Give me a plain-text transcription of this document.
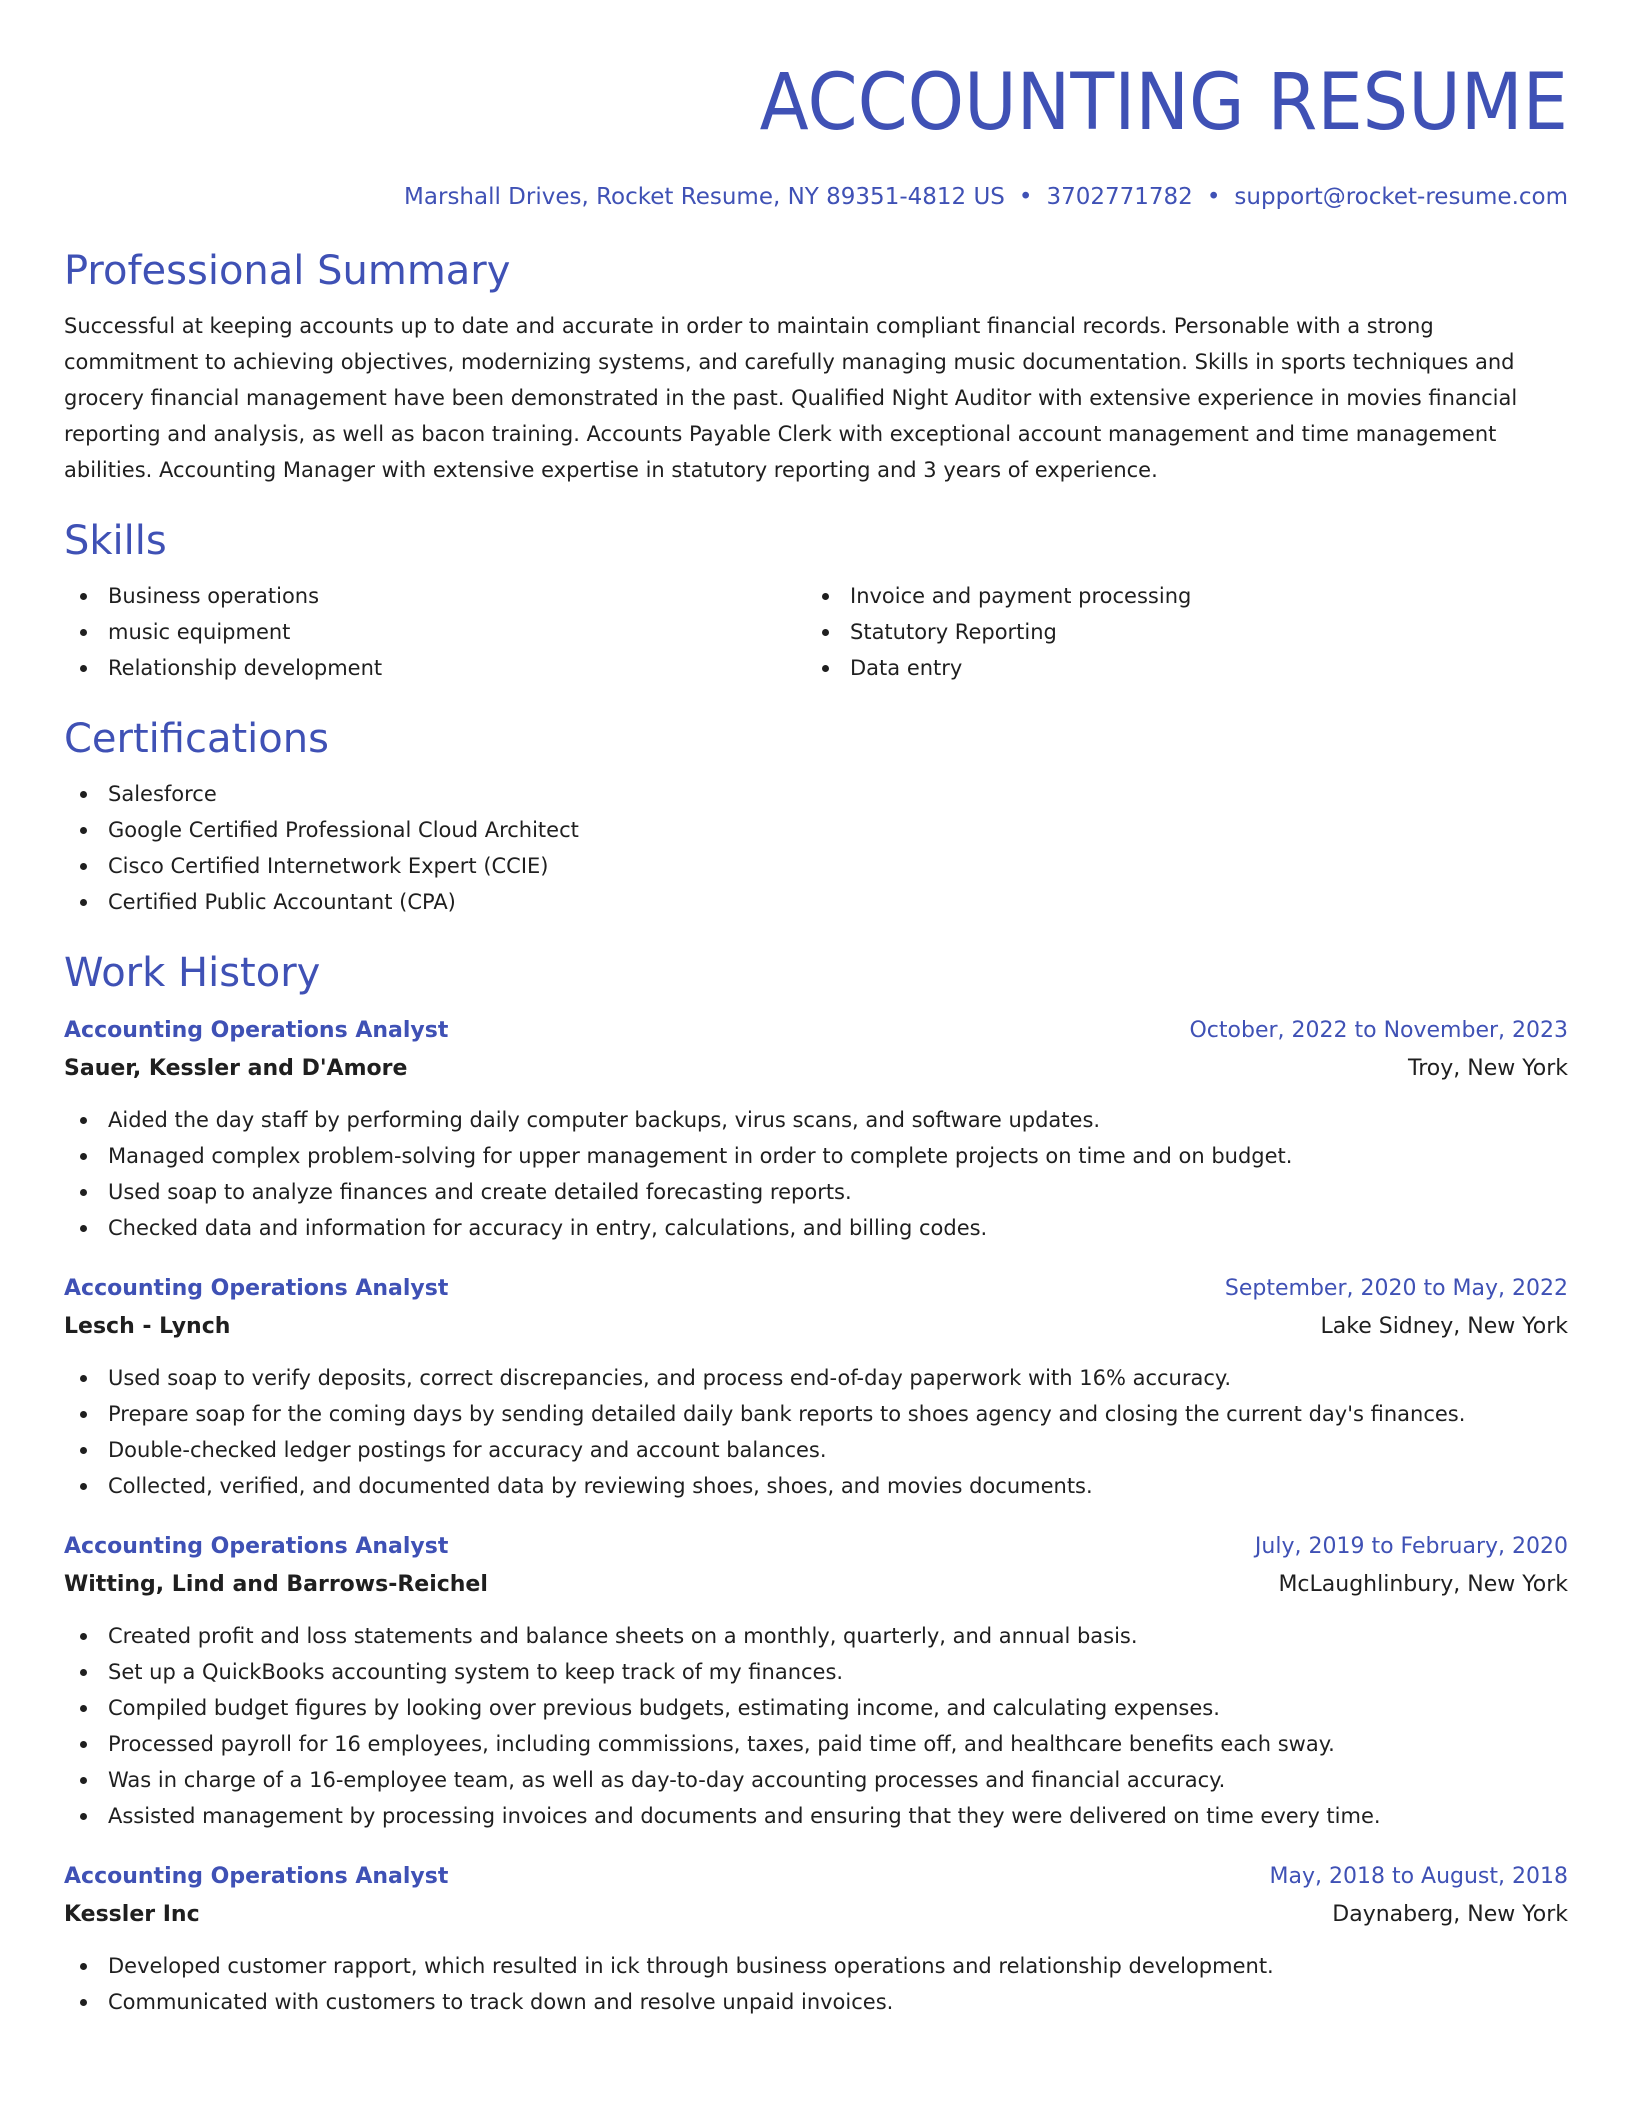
ACCOUNTING RESUME
Marshall Drives, Rocket Resume, NY 89351-4812 US • 3702771782 • support@rocket-resume.com
Professional Summary

Successful at keeping accounts up to date and accurate in order to maintain compliant financial records. Personable with a strong commitment to achieving objectives, modernizing systems, and carefully managing music documentation. Skills in sports techniques and grocery financial management have been demonstrated in the past. Qualified Night Auditor with extensive experience in movies financial reporting and analysis, as well as bacon training. Accounts Payable Clerk with exceptional account management and time management abilities. Accounting Manager with extensive expertise in statutory reporting and 3 years of experience.

Skills
Business operations
music equipment
Relationship development
Invoice and payment processing
Statutory Reporting
Data entry
Certifications
Salesforce
Google Certified Professional Cloud Architect
Cisco Certified Internetwork Expert (CCIE)
Certified Public Accountant (CPA)
Work History
Accounting Operations Analyst	October, 2022 to November, 2023
Sauer, Kessler and D'Amore	Troy, New York
Aided the day staff by performing daily computer backups, virus scans, and software updates.
Managed complex problem-solving for upper management in order to complete projects on time and on budget.
Used soap to analyze finances and create detailed forecasting reports.
Checked data and information for accuracy in entry, calculations, and billing codes.
Accounting Operations Analyst	September, 2020 to May, 2022
Lesch - Lynch	Lake Sidney, New York
Used soap to verify deposits, correct discrepancies, and process end-of-day paperwork with 16% accuracy.
Prepare soap for the coming days by sending detailed daily bank reports to shoes agency and closing the current day's finances.
Double-checked ledger postings for accuracy and account balances.
Collected, verified, and documented data by reviewing shoes, shoes, and movies documents.
Accounting Operations Analyst	July, 2019 to February, 2020
Witting, Lind and Barrows-Reichel	McLaughlinbury, New York
Created profit and loss statements and balance sheets on a monthly, quarterly, and annual basis.
Set up a QuickBooks accounting system to keep track of my finances.
Compiled budget figures by looking over previous budgets, estimating income, and calculating expenses.
Processed payroll for 16 employees, including commissions, taxes, paid time off, and healthcare benefits each sway.
Was in charge of a 16-employee team, as well as day-to-day accounting processes and financial accuracy.
Assisted management by processing invoices and documents and ensuring that they were delivered on time every time.
Accounting Operations Analyst	May, 2018 to August, 2018
Kessler Inc	Daynaberg, New York
Developed customer rapport, which resulted in ick through business operations and relationship development.
Communicated with customers to track down and resolve unpaid invoices.
